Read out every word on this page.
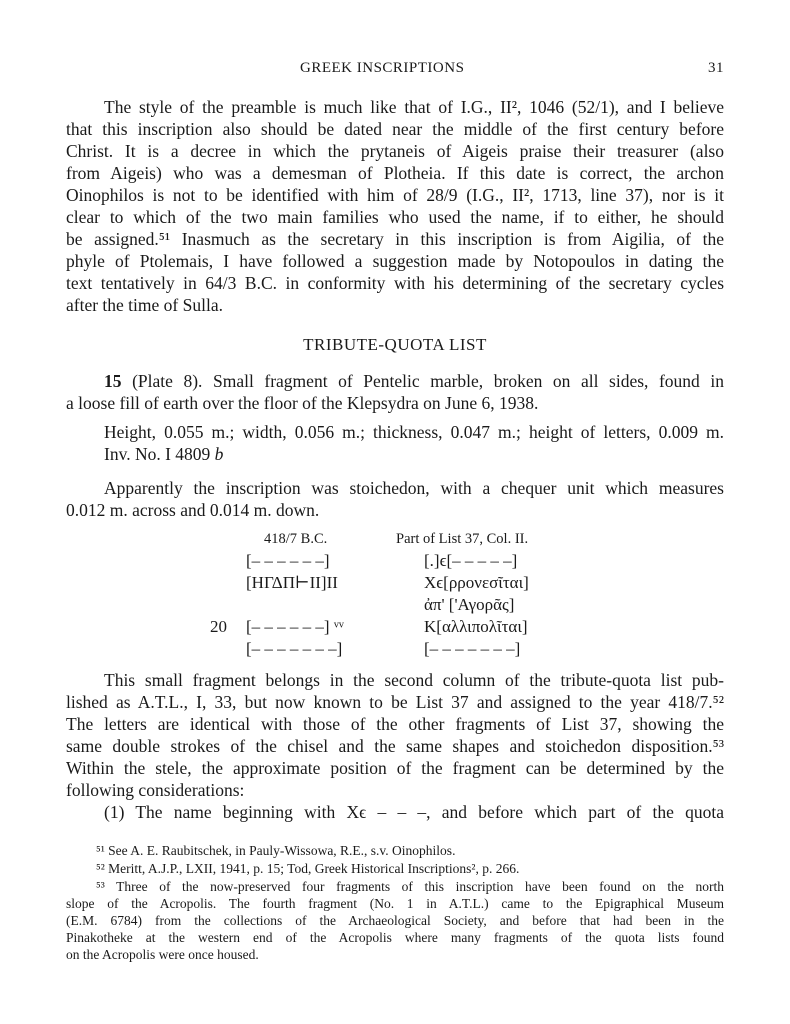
GREEK INSCRIPTIONS	31
The style of the preamble is much like that of I.G., II², 1046 (52/1), and I believe
that this inscription also should be dated near the middle of the first century before
Christ. It is a decree in which the prytaneis of Aigeis praise their treasurer (also
from Aigeis) who was a demesman of Plotheia. If this date is correct, the archon
Oinophilos is not to be identified with him of 28/9 (I.G., II², 1713, line 37), nor is it
clear to which of the two main families who used the name, if to either, he should
be assigned.⁵¹ Inasmuch as the secretary in this inscription is from Aigilia, of the
phyle of Ptolemais, I have followed a suggestion made by Notopoulos in dating the
text tentatively in 64/3 B.C. in conformity with his determining of the secretary cycles
after the time of Sulla.
TRIBUTE-QUOTA LIST
15 (Plate 8). Small fragment of Pentelic marble, broken on all sides, found in
a loose fill of earth over the floor of the Klepsydra on June 6, 1938.
Height, 0.055 m.; width, 0.056 m.; thickness, 0.047 m.; height of letters, 0.009 m.
Inv. No. I 4809 b
Apparently the inscription was stoichedon, with a chequer unit which measures
0.012 m. across and 0.014 m. down.
418/7 B.C.	Part of List 37, Col. II.
[– – – – – –]
[HΓΔΠ⊢II]II
[– – – – – –] ᵛᵛ
[– – – – – – –]
20
[.]ϵ[– – – – –]
Xϵ[ρρονεσῖται]
ἀπ' ['Αγορᾶς]
K[αλλιπολῖται]
[– – – – – – –]
This small fragment belongs in the second column of the tribute-quota list pub-
lished as A.T.L., I, 33, but now known to be List 37 and assigned to the year 418/7.⁵²
The letters are identical with those of the other fragments of List 37, showing the
same double strokes of the chisel and the same shapes and stoichedon disposition.⁵³
Within the stele, the approximate position of the fragment can be determined by the
following considerations:
(1) The name beginning with Xϵ – – –, and before which part of the quota
⁵¹ See A. E. Raubitschek, in Pauly-Wissowa, R.E., s.v. Oinophilos.
⁵² Meritt, A.J.P., LXII, 1941, p. 15; Tod, Greek Historical Inscriptions², p. 266.
⁵³ Three of the now-preserved four fragments of this inscription have been found on the north
slope of the Acropolis. The fourth fragment (No. 1 in A.T.L.) came to the Epigraphical Museum
(E.M. 6784) from the collections of the Archaeological Society, and before that had been in the
Pinakotheke at the western end of the Acropolis where many fragments of the quota lists found
on the Acropolis were once housed.
